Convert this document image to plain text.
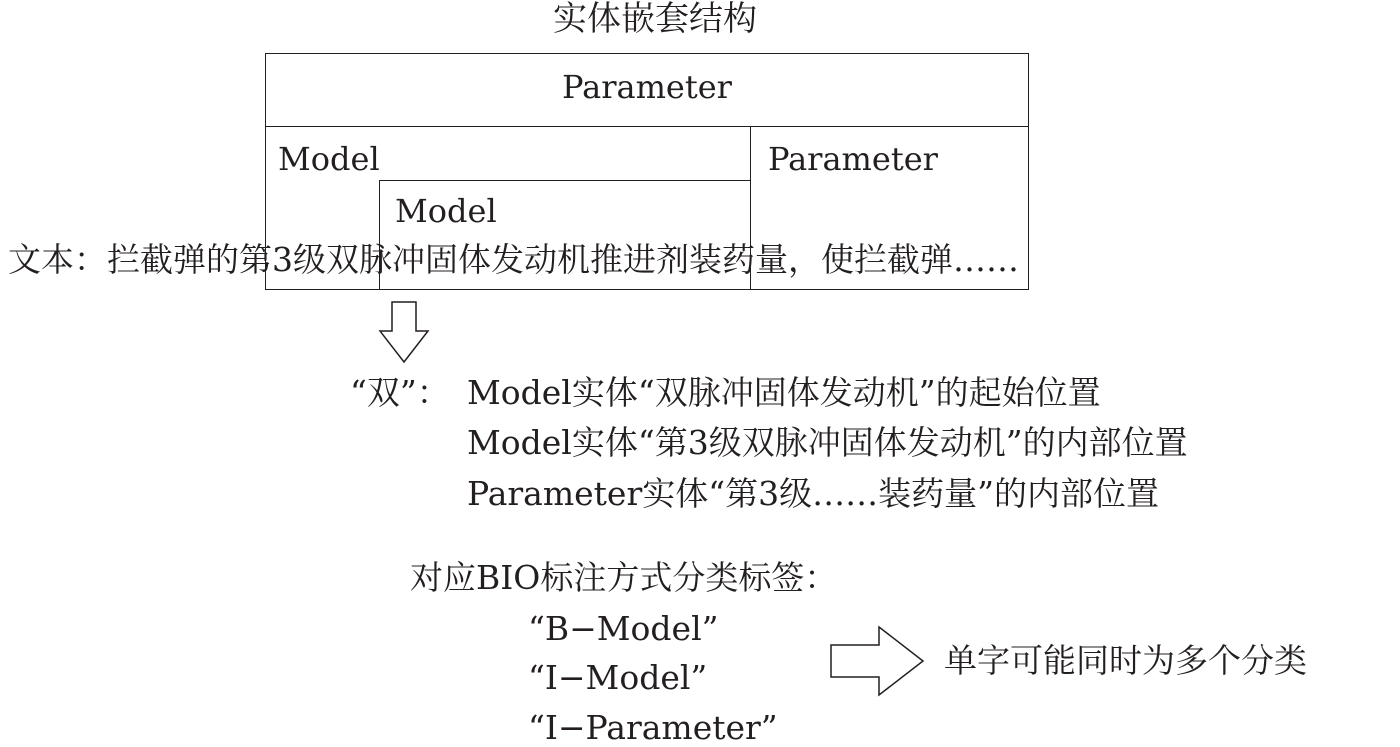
实体嵌套结构
Parameter
Model
Model
Parameter
文本：拦截弹的第3级双脉冲固体发动机推进剂装药量，使拦截弹……
“双”： Model实体“双脉冲固体发动机”的起始位置
Model实体“第3级双脉冲固体发动机”的内部位置
Parameter实体“第3级……装药量”的内部位置
对应BIO标注方式分类标签：
“B−Model”
“I−Model”
“I−Parameter”
单字可能同时为多个分类
